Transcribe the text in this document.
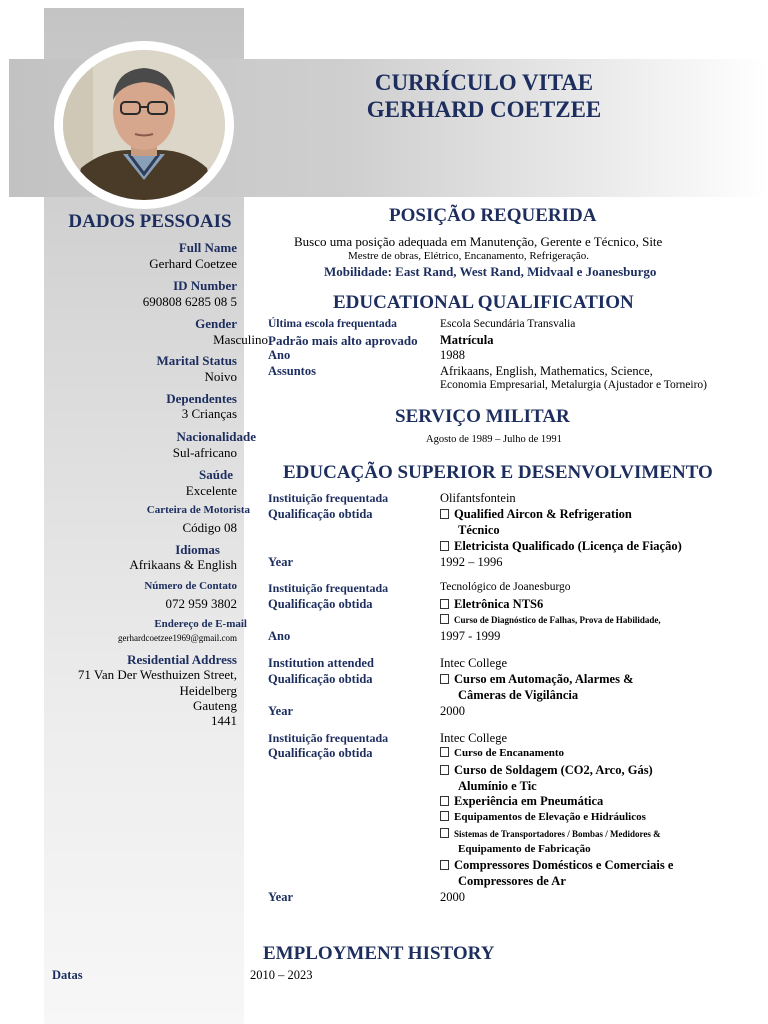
CURRÍCULO VITAE
GERHARD COETZEE
DADOS PESSOAIS
Full Name
Gerhard Coetzee
ID Number
690808 6285 08 5
Gender
Masculino
Marital Status
Noivo
Dependentes
3 Crianças
Nacionalidade
Sul-africano
Saúde
Excelente
Carteira de Motorista
Código 08
Idiomas
Afrikaans & English
Número de Contato
072 959 3802
Endereço de E-mail
gerhardcoetzee1969@gmail.com
Residential Address
71 Van Der Westhuizen Street,
Heidelberg
Gauteng
1441
POSIÇÃO REQUERIDA
Busco uma posição adequada em Manutenção, Gerente e Técnico, Site
Mestre de obras, Elétrico, Encanamento, Refrigeração.
Mobilidade: East Rand, West Rand, Midvaal e Joanesburgo
EDUCATIONAL QUALIFICATION
Última escola frequentada	Escola Secundária Transvalia
Padrão mais alto aprovado Matrícula
Ano	1988
Assuntos	Afrikaans, English, Mathematics, Science,
Economia Empresarial, Metalurgia (Ajustador e Torneiro)
SERVIÇO MILITAR
Agosto de 1989 – Julho de 1991
EDUCAÇÃO SUPERIOR E DESENVOLVIMENTO
Instituição frequentada	Olifantsfontein
Qualificação obtida	Qualified Aircon & Refrigeration
Técnico
Eletricista Qualificado (Licença de Fiação)
Year	1992 – 1996
Instituição frequentada	Tecnológico de Joanesburgo
Qualificação obtida	Eletrônica NTS6
Curso de Diagnóstico de Falhas, Prova de Habilidade,
Ano	1997 - 1999
Institution attended	Intec College
Qualificação obtida	Curso em Automação, Alarmes &
Câmeras de Vigilância
Year	2000
Instituição frequentada	Intec College
Qualificação obtida	Curso de Encanamento
Curso de Soldagem (CO2, Arco, Gás)
Alumínio e Tic
Experiência em Pneumática
Equipamentos de Elevação e Hidráulicos
Sistemas de Transportadores / Bombas / Medidores &
Equipamento de Fabricação
Compressores Domésticos e Comerciais e
Compressores de Ar
Year	2000
EMPLOYMENT HISTORY
Datas	2010 – 2023
